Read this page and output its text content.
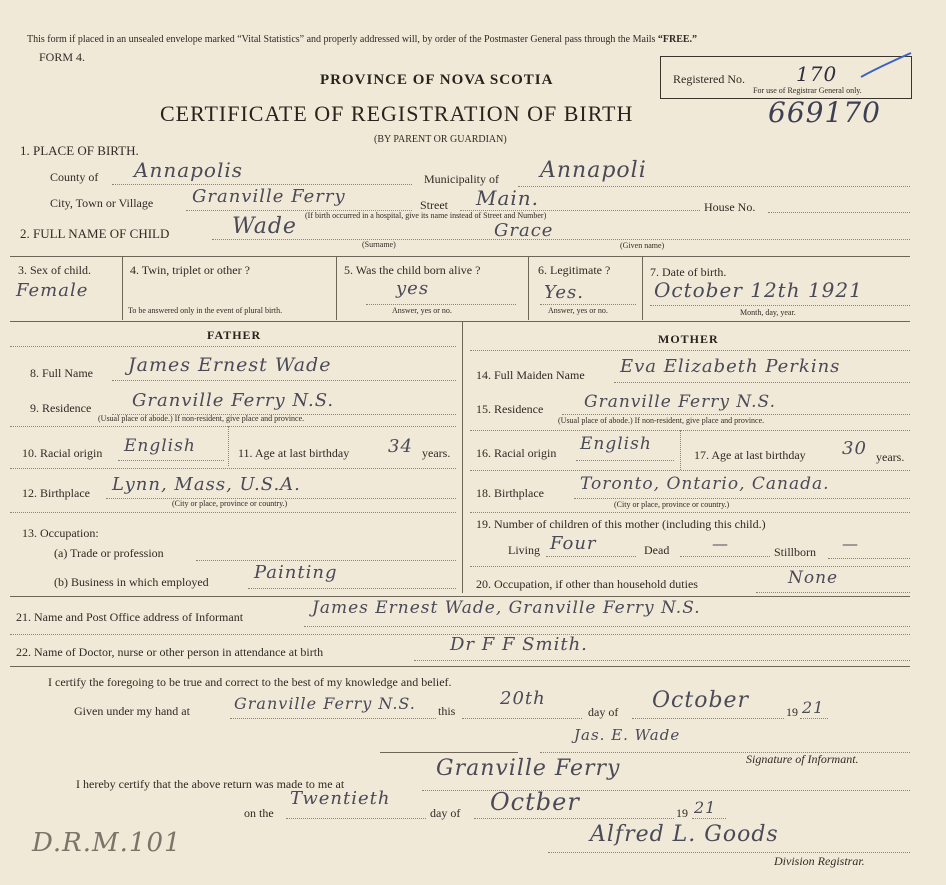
This form if placed in an unsealed envelope marked “Vital Statistics” and properly addressed will, by order of the Postmaster General pass through the Mails “FREE.”
FORM 4.
PROVINCE OF NOVA SCOTIA
CERTIFICATE OF REGISTRATION OF BIRTH	669170
(BY PARENT OR GUARDIAN)
Registered No.	170
For use of Registrar General only.
1. PLACE OF BIRTH.
County of Annapolis	Municipality of Annapoli
City, Town or Village Granville Ferry	Street Main.	House No.
(If birth occurred in a hospital, give its name instead of Street and Number)
2. FULL NAME OF CHILD	Wade	Grace
(Surname)	(Given name)
3. Sex of child.
Female
4. Twin, triplet or other ?
To be answered only in the event of plural birth.
5. Was the child born alive ?
yes
Answer, yes or no.
6. Legitimate ?
Yes.
Answer, yes or no.
7. Date of birth.
October 12th 1921
Month, day, year.
FATHER	MOTHER
8. Full Name James Ernest Wade
9. Residence Granville Ferry N.S.
(Usual place of abode.) If non-resident, give place and province.
10. Racial origin English	11. Age at last birthday 34 years.
12. Birthplace Lynn, Mass, U.S.A.
(City or place, province or country.)
13. Occupation:
(a) Trade or profession
(b) Business in which employed	Painting
14. Full Maiden Name Eva Elizabeth Perkins
15. Residence Granville Ferry N.S.
(Usual place of abode.) If non-resident, give place and province.
16. Racial origin English
17. Age at last birthday 30 years.
18. Birthplace Toronto, Ontario, Canada.
(City or place, province or country.)
19. Number of children of this mother (including this child.)
Living Four	Dead	—	Stillborn —
20. Occupation, if other than household duties	None
21. Name and Post Office address of Informant	James Ernest Wade, Granville Ferry N.S.
22. Name of Doctor, nurse or other person in attendance at birth	Dr F F Smith.
I certify the foregoing to be true and correct to the best of my knowledge and belief.
Given under my hand at	Granville Ferry N.S. this
20th
day of October	19 21
Jas. E. Wade
Signature of Informant.
I hereby certify that the above return was made to me at
Granville Ferry
on the
Twentieth
day of Octber	19 21
Alfred L. Goods
Division Registrar.
D.R.M.101
